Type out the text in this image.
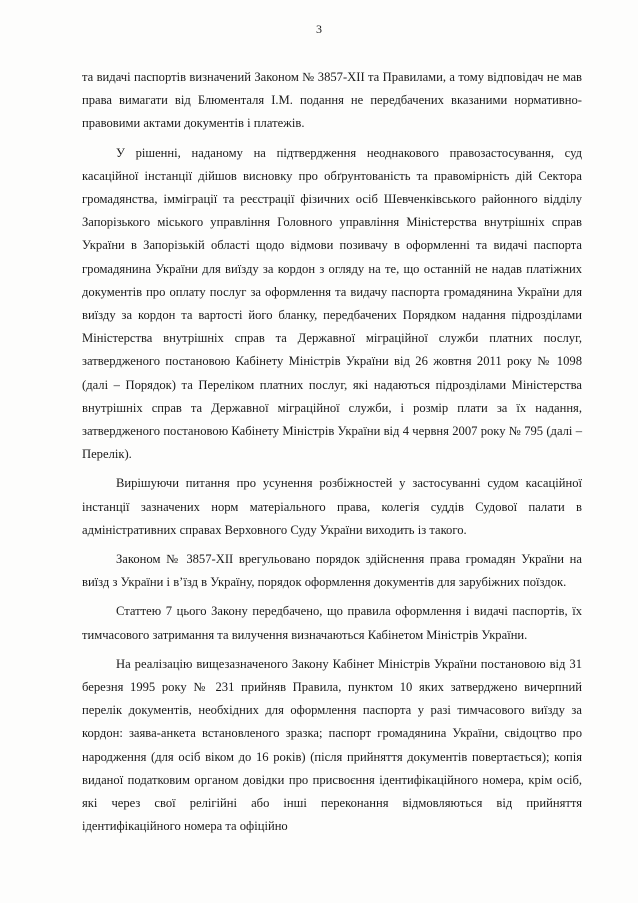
3

та видачі паспортів визначений Законом № 3857-XII та Правилами, а тому відповідач не мав права вимагати від Блюменталя І.М. подання не передбачених вказаними нормативно-правовими актами документів і платежів.

У рішенні, наданому на підтвердження неоднакового правозастосування, суд касаційної інстанції дійшов висновку про обґрунтованість та правомірність дій Сектора громадянства, імміграції та реєстрації фізичних осіб Шевченківського районного відділу Запорізького міського управління Головного управління Міністерства внутрішніх справ України в Запорізькій області щодо відмови позивачу в оформленні та видачі паспорта громадянина України для виїзду за кордон з огляду на те, що останній не надав платіжних документів про оплату послуг за оформлення та видачу паспорта громадянина України для виїзду за кордон та вартості його бланку, передбачених Порядком надання підрозділами Міністерства внутрішніх справ та Державної міграційної служби платних послуг, затвердженого постановою Кабінету Міністрів України від 26 жовтня 2011 року № 1098 (далі – Порядок) та Переліком платних послуг, які надаються підрозділами Міністерства внутрішніх справ та Державної міграційної служби, і розмір плати за їх надання, затвердженого постановою Кабінету Міністрів України від 4 червня 2007 року № 795 (далі – Перелік).

Вирішуючи питання про усунення розбіжностей у застосуванні судом касаційної інстанції зазначених норм матеріального права, колегія суддів Судової палати в адміністративних справах Верховного Суду України виходить із такого.

Законом № 3857-XII врегульовано порядок здійснення права громадян України на виїзд з України і в’їзд в Україну, порядок оформлення документів для зарубіжних поїздок.

Статтею 7 цього Закону передбачено, що правила оформлення і видачі паспортів, їх тимчасового затримання та вилучення визначаються Кабінетом Міністрів України.

На реалізацію вищезазначеного Закону Кабінет Міністрів України постановою від 31 березня 1995 року № 231 прийняв Правила, пунктом 10 яких затверджено вичерпний перелік документів, необхідних для оформлення паспорта у разі тимчасового виїзду за кордон: заява-анкета встановленого зразка; паспорт громадянина України, свідоцтво про народження (для осіб віком до 16 років) (після прийняття документів повертається); копія виданої податковим органом довідки про присвоєння ідентифікаційного номера, крім осіб, які через свої релігійні або інші переконання відмовляються від прийняття ідентифікаційного номера та офіційно
